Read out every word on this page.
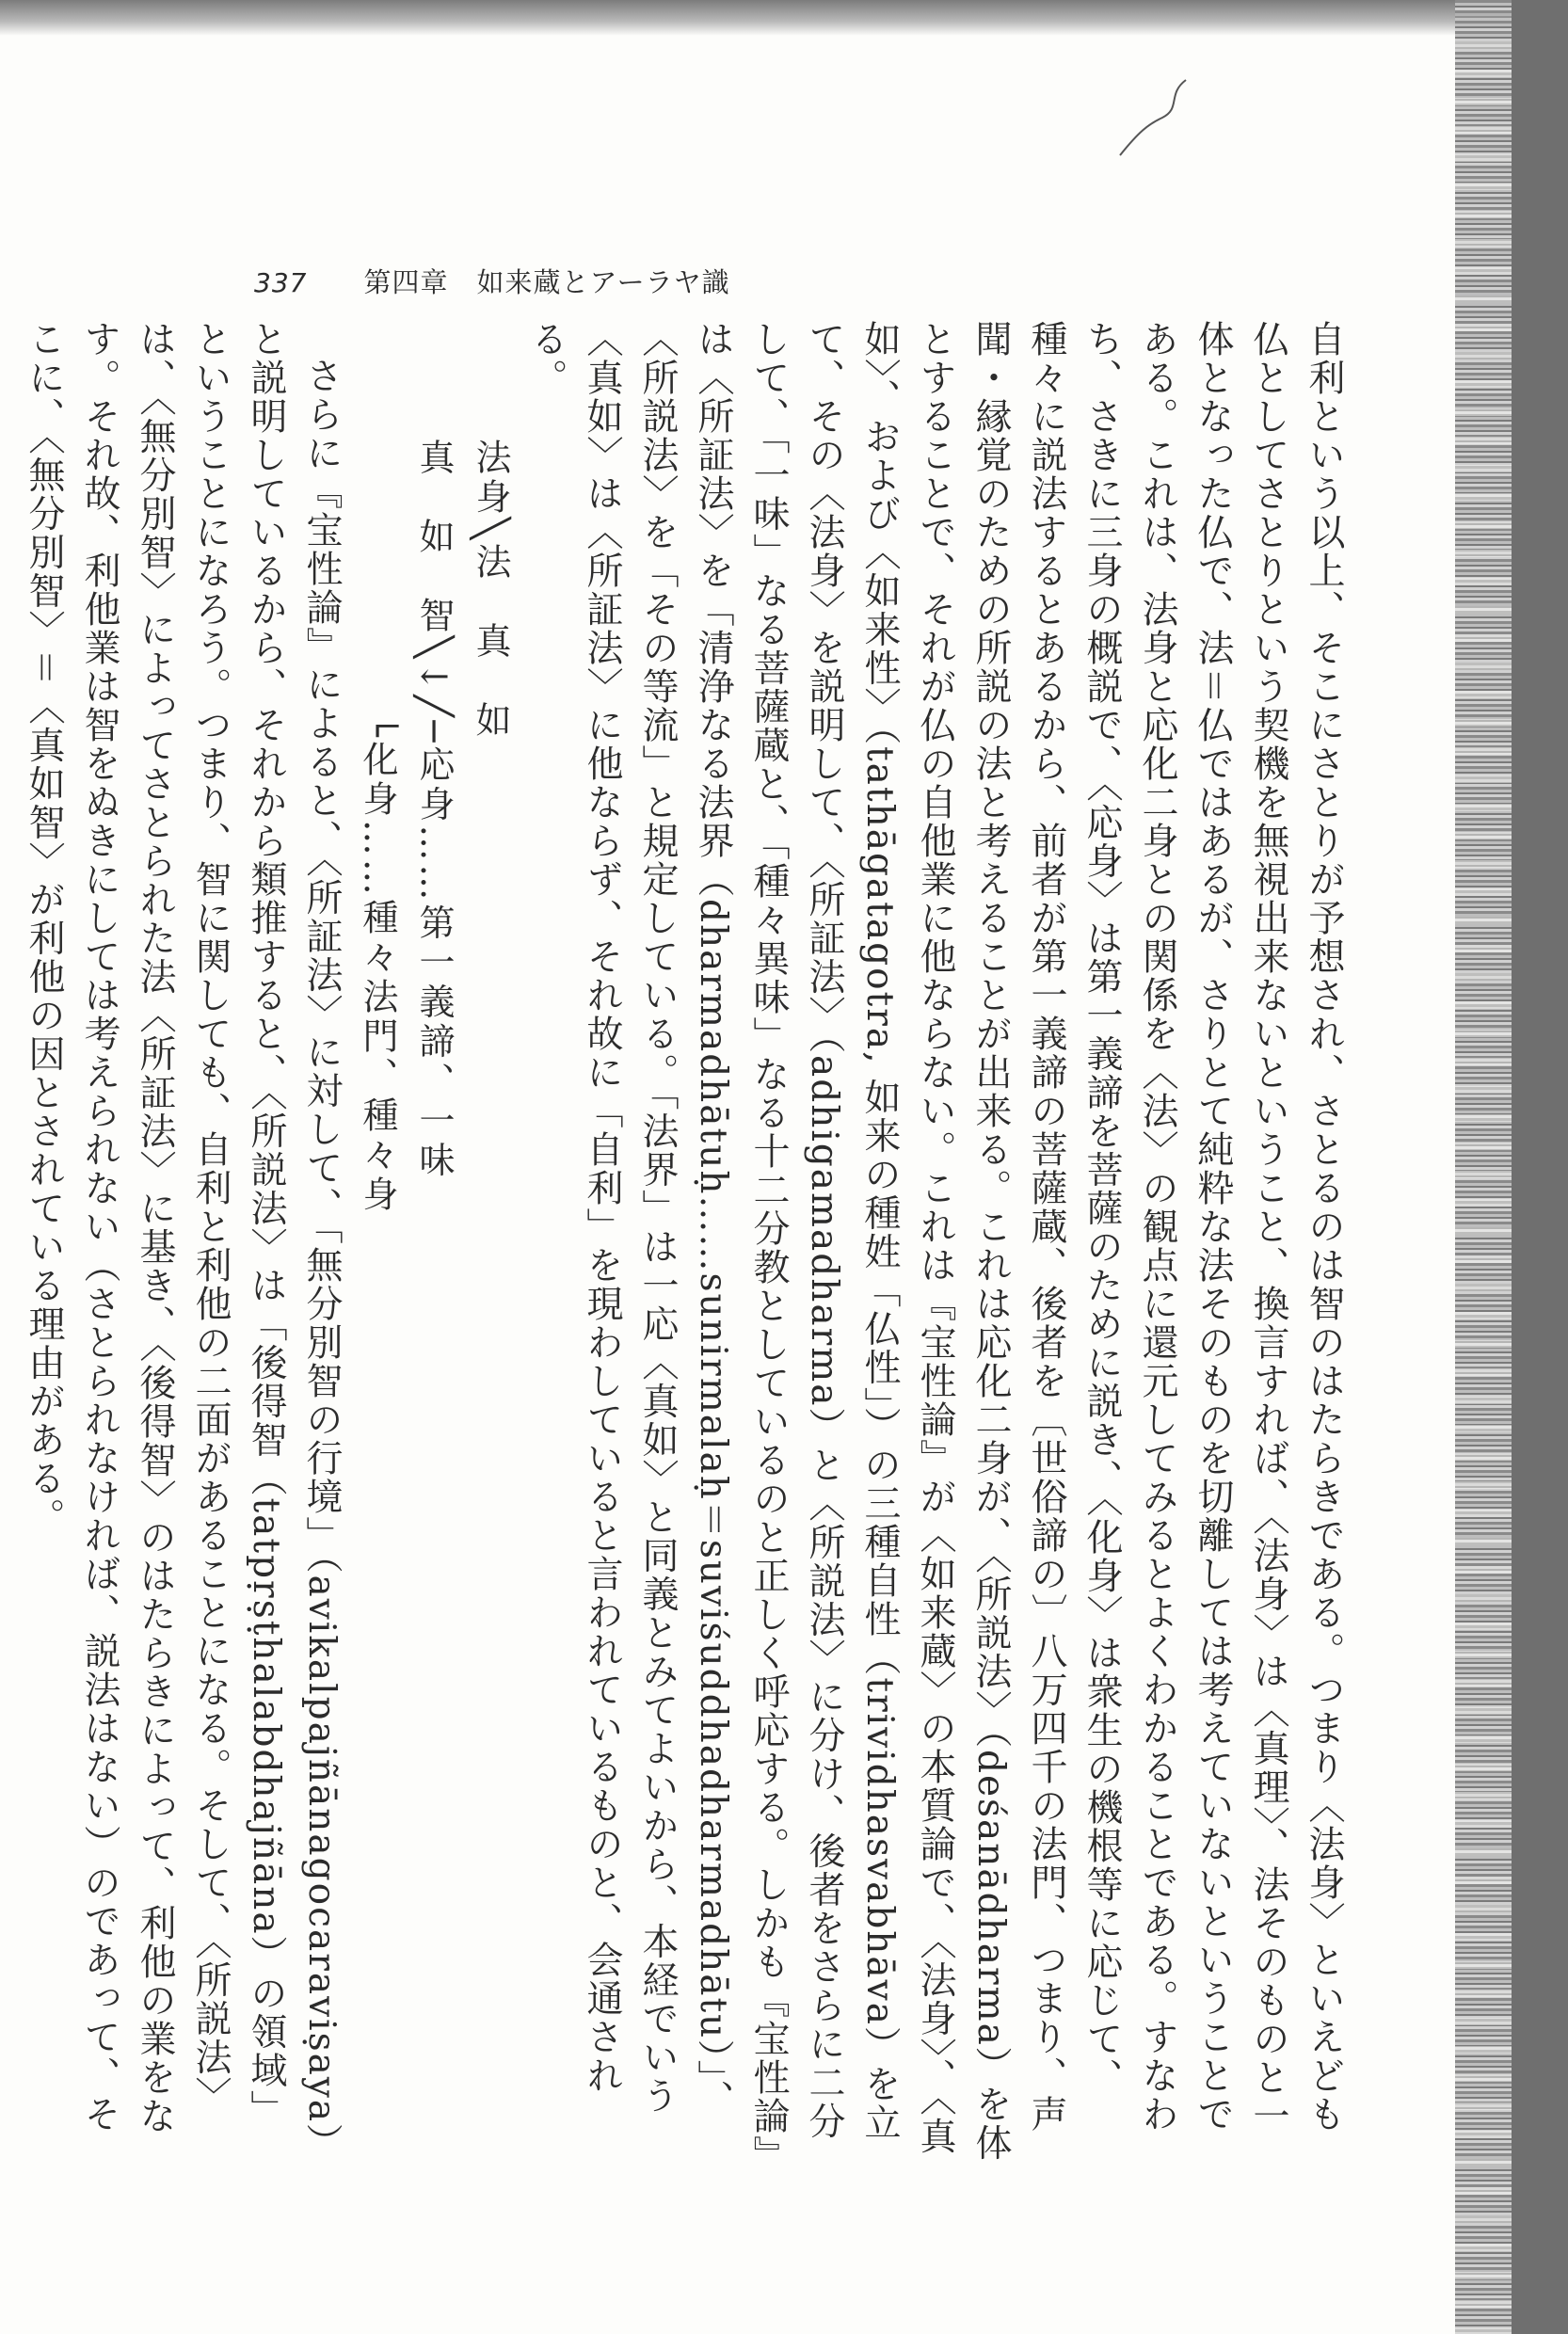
337 第四章　如来蔵とアーラヤ識

自利という以上、そこにさとりが予想され、さとるのは智のはたらきである。つまり〈法身〉といえども仏としてさとりという契機を無視出来ないということ、換言すれば、〈法身〉は〈真理〉、法そのものと一体となった仏で、法＝仏ではあるが、さりとて純粋な法そのものを切離しては考えていないということである。これは、法身と応化二身との関係を〈法〉の観点に還元してみるとよくわかることである。すなわち、さきに三身の概説で、〈応身〉は第一義諦を菩薩のために説き、〈化身〉は衆生の機根等に応じて、種々に説法するとあるから、前者が第一義諦の菩薩蔵、後者を〔世俗諦の〕八万四千の法門、つまり、声聞・縁覚のための所説の法と考えることが出来る。これは応化二身が、〈所説法〉（deśanādharma）を体とすることで、それが仏の自他業に他ならない。これは『宝性論』が〈如来蔵〉の本質論で、〈法身〉、〈真如〉、および〈如来性〉（tathāgatagotra, 如来の種姓「仏性」）の三種自性（trividhasvabhāva）を立て、その〈法身〉を説明して、〈所証法〉（adhigamadharma）と〈所説法〉に分け、後者をさらに二分して、「一味」なる菩薩蔵と、「種々異味」なる十二分教としているのと正しく呼応する。しかも『宝性論』は〈所証法〉を「清浄なる法界（dharmadhātuḥ……sunirmalaḥ＝suviśuddhadharmadhātu）」、〈所説法〉を「その等流」と規定している。「法界」は一応〈真如〉と同義とみてよいから、本経でいう〈真如〉は〈所証法〉に他ならず、それ故に「自利」を現わしていると言われているものと、会通される。

　　　法身╲法　真　如
　　　真　如　智╲↓╱─応身……第一義諦、一味
　　　　　　　　　　└化身……種々法門、種々身

さらに『宝性論』によると、〈所証法〉に対して、「無分別智の行境」（avikalpajñānagocaraviṣaya）と説明しているから、それから類推すると、〈所説法〉は「後得智（tatpṛṣṭhalabdhajñāna）の領域」ということになろう。つまり、智に関しても、自利と利他の二面があることになる。そして、〈所説法〉は、〈無分別智〉によってさとられた法〈所証法〉に基き、〈後得智〉のはたらきによって、利他の業をなす。それ故、利他業は智をぬきにしては考えられない（さとられなければ、説法はない）のであって、そこに、〈無分別智〉＝〈真如智〉が利他の因とされている理由がある。
